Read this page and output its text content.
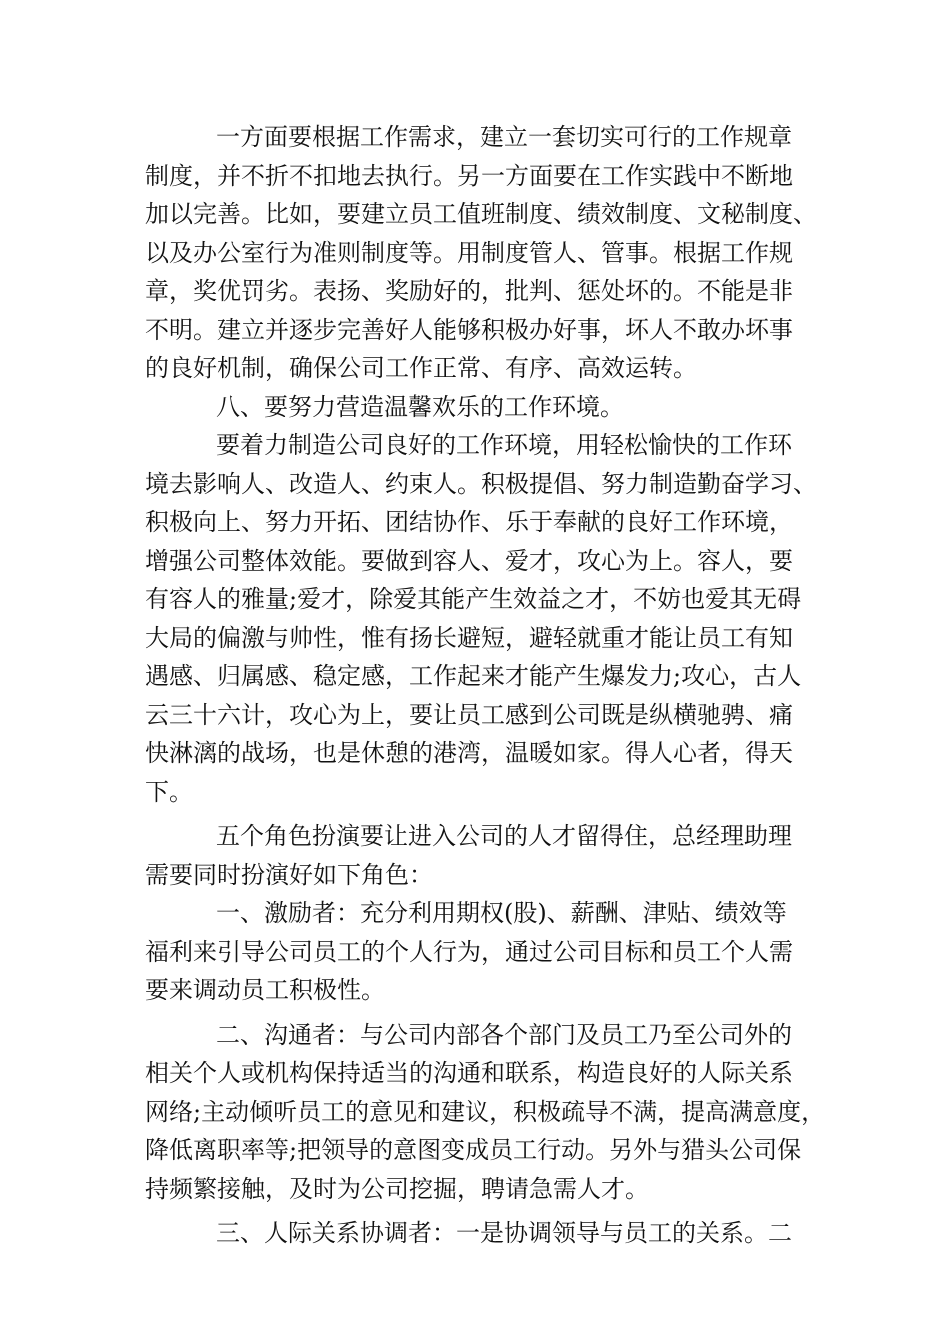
一方面要根据工作需求，建立一套切实可行的工作规章
制度，并不折不扣地去执行。另一方面要在工作实践中不断地
加以完善。比如，要建立员工值班制度、绩效制度、文秘制度、
以及办公室行为准则制度等。用制度管人、管事。根据工作规
章，奖优罚劣。表扬、奖励好的，批判、惩处坏的。不能是非
不明。建立并逐步完善好人能够积极办好事，坏人不敢办坏事
的良好机制，确保公司工作正常、有序、高效运转。
八、要努力营造温馨欢乐的工作环境。
要着力制造公司良好的工作环境，用轻松愉快的工作环
境去影响人、改造人、约束人。积极提倡、努力制造勤奋学习、
积极向上、努力开拓、团结协作、乐于奉献的良好工作环境，
增强公司整体效能。要做到容人、爱才，攻心为上。容人，要
有容人的雅量;爱才，除爱其能产生效益之才，不妨也爱其无碍
大局的偏激与帅性，惟有扬长避短，避轻就重才能让员工有知
遇感、归属感、稳定感，工作起来才能产生爆发力;攻心，古人
云三十六计，攻心为上，要让员工感到公司既是纵横驰骋、痛
快淋漓的战场，也是休憩的港湾，温暖如家。得人心者，得天
下。
五个角色扮演要让进入公司的人才留得住，总经理助理
需要同时扮演好如下角色：
一、激励者：充分利用期权(股)、薪酬、津贴、绩效等
福利来引导公司员工的个人行为，通过公司目标和员工个人需
要来调动员工积极性。
二、沟通者：与公司内部各个部门及员工乃至公司外的
相关个人或机构保持适当的沟通和联系，构造良好的人际关系
网络;主动倾听员工的意见和建议，积极疏导不满，提高满意度，
降低离职率等;把领导的意图变成员工行动。另外与猎头公司保
持频繁接触，及时为公司挖掘，聘请急需人才。
三、人际关系协调者：一是协调领导与员工的关系。二
